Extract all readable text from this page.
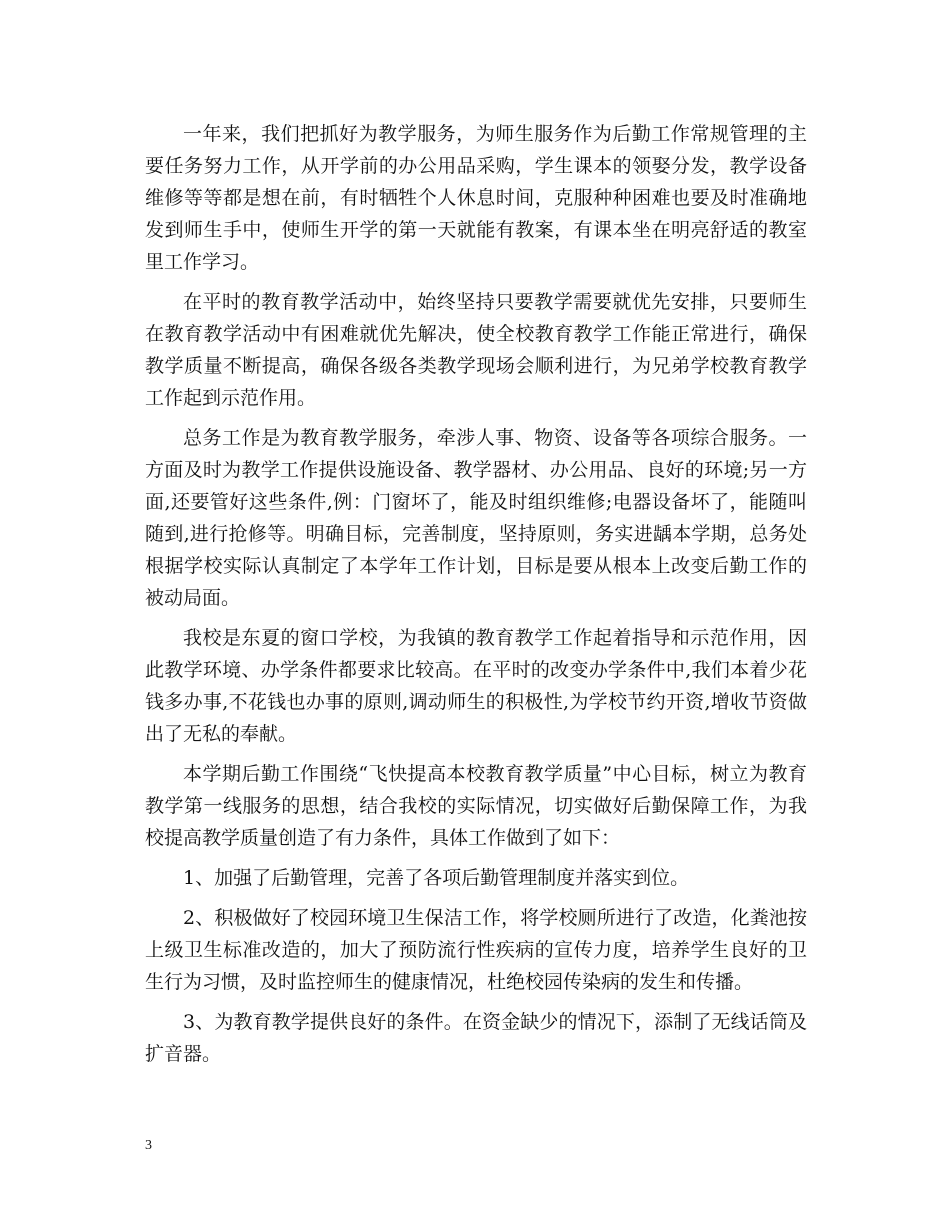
一年来，我们把抓好为教学服务，为师生服务作为后勤工作常规管理的主要任务努力工作，从开学前的办公用品采购，学生课本的领娶分发，教学设备维修等等都是想在前，有时牺牲个人休息时间，克服种种困难也要及时准确地发到师生手中，使师生开学的第一天就能有教案，有课本坐在明亮舒适的教室里工作学习。

在平时的教育教学活动中，始终坚持只要教学需要就优先安排，只要师生在教育教学活动中有困难就优先解决，使全校教育教学工作能正常进行，确保教学质量不断提高，确保各级各类教学现场会顺利进行，为兄弟学校教育教学工作起到示范作用。

总务工作是为教育教学服务，牵涉人事、物资、设备等各项综合服务。一方面及时为教学工作提供设施设备、教学器材、办公用品、良好的环境;另一方面,还要管好这些条件,例：门窗坏了，能及时组织维修;电器设备坏了，能随叫随到,进行抢修等。明确目标，完善制度，坚持原则，务实进龋本学期，总务处根据学校实际认真制定了本学年工作计划，目标是要从根本上改变后勤工作的被动局面。

我校是东夏的窗口学校，为我镇的教育教学工作起着指导和示范作用，因此教学环境、办学条件都要求比较高。在平时的改变办学条件中,我们本着少花钱多办事,不花钱也办事的原则,调动师生的积极性,为学校节约开资,增收节资做出了无私的奉献。

本学期后勤工作围绕“飞快提高本校教育教学质量”中心目标，树立为教育教学第一线服务的思想，结合我校的实际情况，切实做好后勤保障工作，为我校提高教学质量创造了有力条件，具体工作做到了如下：

1、加强了后勤管理，完善了各项后勤管理制度并落实到位。

2、积极做好了校园环境卫生保洁工作，将学校厕所进行了改造，化粪池按上级卫生标准改造的，加大了预防流行性疾病的宣传力度，培养学生良好的卫生行为习惯，及时监控师生的健康情况，杜绝校园传染病的发生和传播。

3、为教育教学提供良好的条件。在资金缺少的情况下，添制了无线话筒及扩音器。

3
